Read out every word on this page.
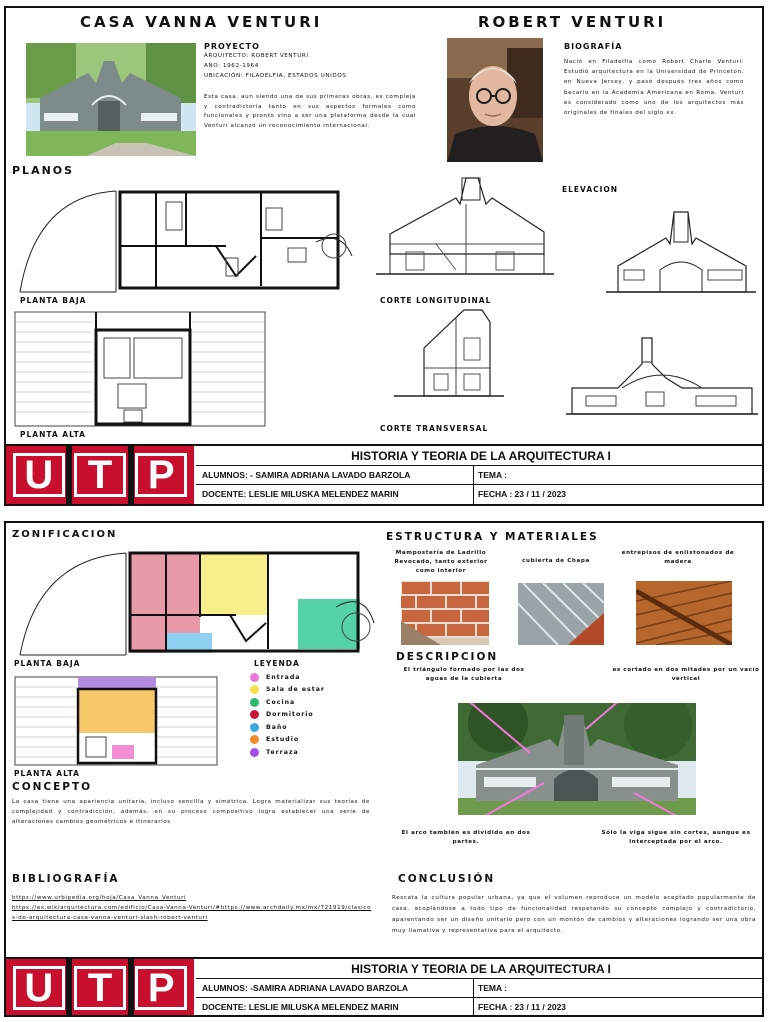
CASA VANNA VENTURI	ROBERT VENTURI
PROYECTO
ARQUITECTO: ROBERT VENTURI
AÑO: 1962-1964
UBICACIÓN: FILADELFIA, ESTADOS UNIDOS
Esta casa, aun siendo una de sus primeras obras, es compleja y contradictoria tanto en sus aspectos formales como funcionales y pronto vino a ser una plataforma desde la cual Venturi alcanzó un reconocimiento internacional.
BIOGRAFÍA
Nació en Filadelfia como Robert Charle Venturi. Estudió arquitectura en la Universidad de Princeton, en Nueva Jersey, y pasó después tres años como becario en la Academia Americana en Roma. Venturi es considerado como uno de los arquitectos más originales de finales del siglo xx.
PLANOS
PLANTA BAJA	CORTE LONGITUDINAL
ELEVACION
PLANTA ALTA
CORTE TRANSVERSAL
U T P	HISTORIA Y TEORIA DE LA ARQUITECTURA I
ALUMNOS: - SAMIRA ADRIANA LAVADO BARZOLA	TEMA :
DOCENTE: LESLIE MILUSKA MELENDEZ MARIN	FECHA : 23 / 11 / 2023
ZONIFICACION
PLANTA BAJA	LEYENDA
Entrada
Sala de estar
Cocina
Dormitorio
Baño
Estudio
Terraza
PLANTA ALTA
ESTRUCTURA Y MATERIALES
Mampostería de Ladrillo Revocado, tanto exterior como interior
cubierta de Chapa
entrepisos de enlistonados de madera
DESCRIPCION
El triángulo formado por las dos aguas de la cubierta
es cortado en dos mitades por un vacío vertical
El arco también es dividido en dos partes.
Sólo la viga sigue sin cortes, aunque es interceptada por el arco.
CONCEPTO
La casa tiene una apariencia unitaria, incluso sencilla y simétrica. Logra materializar sus teorías de complejidad y contradicción, además, en su proceso compositivo logra establecer una serie de alteraciones cambios geométricos e itinerarios
BIBLIOGRAFÍA
https://www.urbipedia.org/hoja/Casa_Vanna_Venturi
https://es.wikiarquitectura.com/edificio/Casa-Vanna-Venturi/#https://www.archdaily.mx/mx/721919/clasicos-de-arquitectura-casa-vanna-venturi-slash-robert-venturi
CONCLUSIÓN
Rescata la cultura popular urbana, ya que el volumen reproduce un modelo aceptado popularmente de casa, acoplándose a todo tipo de funcionalidad respetando su concepto complejo y contradictorio, aparentando ser un diseño unitario pero con un montón de cambios y alteraciones logrando ser una obra muy llamativa y representativa para el arquitecto.
U T P	HISTORIA Y TEORIA DE LA ARQUITECTURA I
ALUMNOS: -SAMIRA ADRIANA LAVADO BARZOLA	TEMA :
DOCENTE: LESLIE MILUSKA MELENDEZ MARIN	FECHA : 23 / 11 / 2023
